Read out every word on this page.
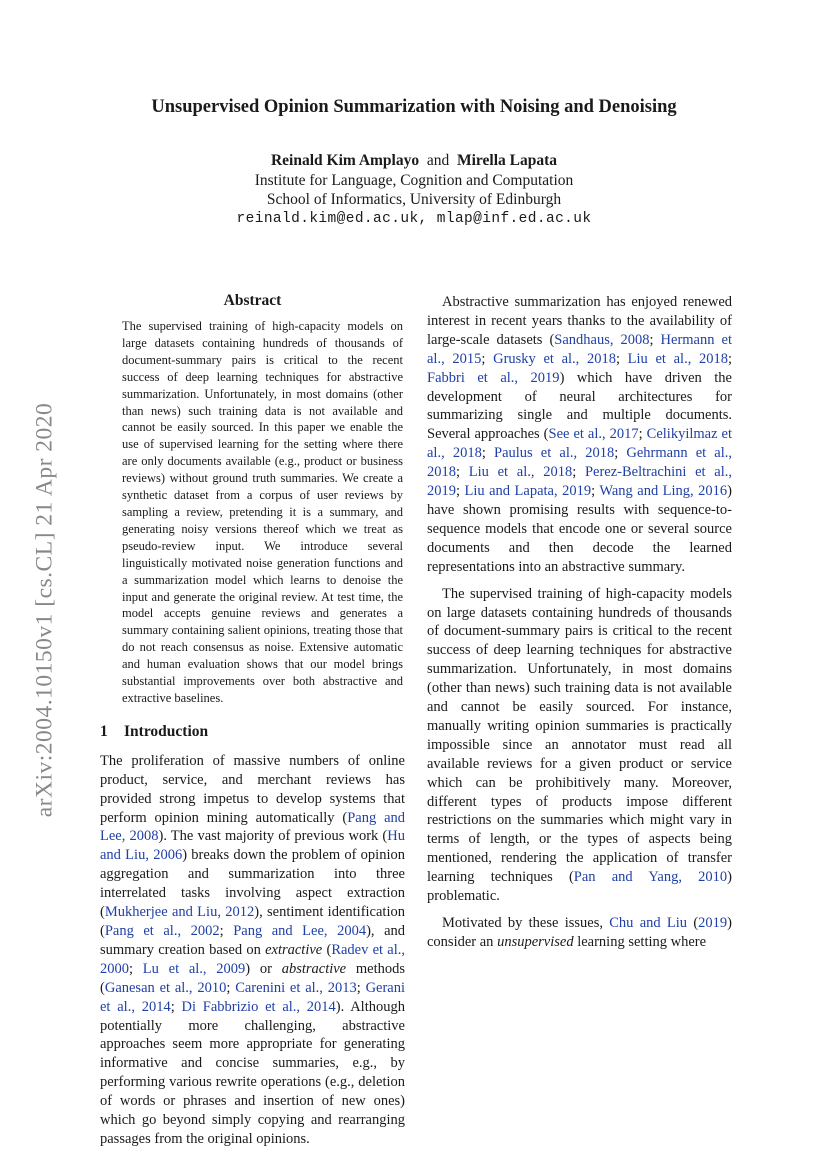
Unsupervised Opinion Summarization with Noising and Denoising
Reinald Kim Amplayo and Mirella Lapata
Institute for Language, Cognition and Computation
School of Informatics, University of Edinburgh
reinald.kim@ed.ac.uk, mlap@inf.ed.ac.uk
arXiv:2004.10150v1 [cs.CL] 21 Apr 2020
Abstract

The supervised training of high-capacity models on large datasets containing hundreds of thousands of document-summary pairs is critical to the recent success of deep learning techniques for abstractive summarization. Unfortunately, in most domains (other than news) such training data is not available and cannot be easily sourced. In this paper we enable the use of supervised learning for the setting where there are only documents available (e.g., product or business reviews) without ground truth summaries. We create a synthetic dataset from a corpus of user reviews by sampling a review, pretending it is a summary, and generating noisy versions thereof which we treat as pseudo-review input. We introduce several linguistically motivated noise generation functions and a summarization model which learns to denoise the input and generate the original review. At test time, the model accepts genuine reviews and generates a summary containing salient opinions, treating those that do not reach consensus as noise. Extensive automatic and human evaluation shows that our model brings substantial improvements over both abstractive and extractive baselines.

1 Introduction

The proliferation of massive numbers of online product, service, and merchant reviews has provided strong impetus to develop systems that perform opinion mining automatically (Pang and Lee, 2008). The vast majority of previous work (Hu and Liu, 2006) breaks down the problem of opinion aggregation and summarization into three interrelated tasks involving aspect extraction (Mukherjee and Liu, 2012), sentiment identification (Pang et al., 2002; Pang and Lee, 2004), and summary creation based on extractive (Radev et al., 2000; Lu et al., 2009) or abstractive methods (Ganesan et al., 2010; Carenini et al., 2013; Gerani et al., 2014; Di Fabbrizio et al., 2014). Although potentially more challenging, abstractive approaches seem more appropriate for generating informative and concise summaries, e.g., by performing various rewrite operations (e.g., deletion of words or phrases and insertion of new ones) which go beyond simply copying and rearranging passages from the original opinions.

Abstractive summarization has enjoyed renewed interest in recent years thanks to the availability of large-scale datasets (Sandhaus, 2008; Hermann et al., 2015; Grusky et al., 2018; Liu et al., 2018; Fabbri et al., 2019) which have driven the development of neural architectures for summarizing single and multiple documents. Several approaches (See et al., 2017; Celikyilmaz et al., 2018; Paulus et al., 2018; Gehrmann et al., 2018; Liu et al., 2018; Perez-Beltrachini et al., 2019; Liu and Lapata, 2019; Wang and Ling, 2016) have shown promising results with sequence-to-sequence models that encode one or several source documents and then decode the learned representations into an abstractive summary.

The supervised training of high-capacity models on large datasets containing hundreds of thousands of document-summary pairs is critical to the recent success of deep learning techniques for abstractive summarization. Unfortunately, in most domains (other than news) such training data is not available and cannot be easily sourced. For instance, manually writing opinion summaries is practically impossible since an annotator must read all available reviews for a given product or service which can be prohibitively many. Moreover, different types of products impose different restrictions on the summaries which might vary in terms of length, or the types of aspects being mentioned, rendering the application of transfer learning techniques (Pan and Yang, 2010) problematic.

Motivated by these issues, Chu and Liu (2019) consider an unsupervised learning setting where
